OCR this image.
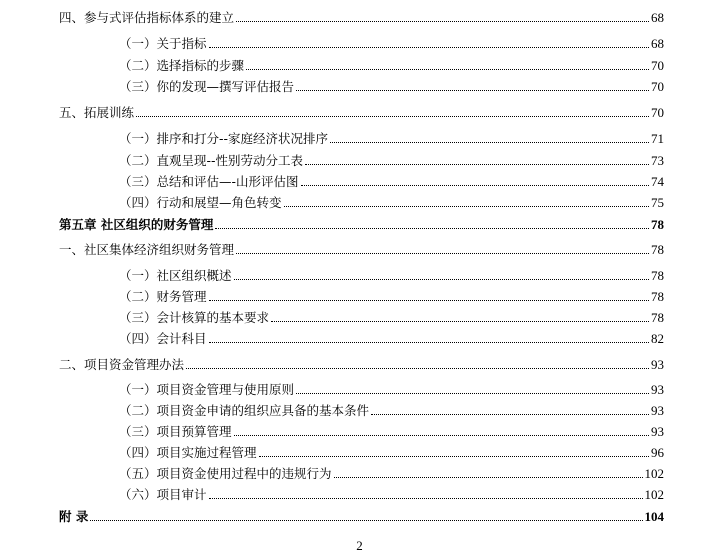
四、参与式评估指标体系的建立	68
（一）关于指标	68
（二）选择指标的步骤	70
（三）你的发现—撰写评估报告	70
五、拓展训练	70
（一）排序和打分--家庭经济状况排序	71
（二）直观呈现--性别劳动分工表	73
（三）总结和评估—-山形评估图	74
（四）行动和展望—角色转变	75
第五章 社区组织的财务管理	78
一、社区集体经济组织财务管理	78
（一）社区组织概述	78
（二）财务管理	78
（三）会计核算的基本要求	78
（四）会计科目	82
二、项目资金管理办法	93
（一）项目资金管理与使用原则	93
（二）项目资金申请的组织应具备的基本条件	93
（三）项目预算管理	93
（四）项目实施过程管理	96
（五）项目资金使用过程中的违规行为	102
（六）项目审计	102
附 录	104
2
